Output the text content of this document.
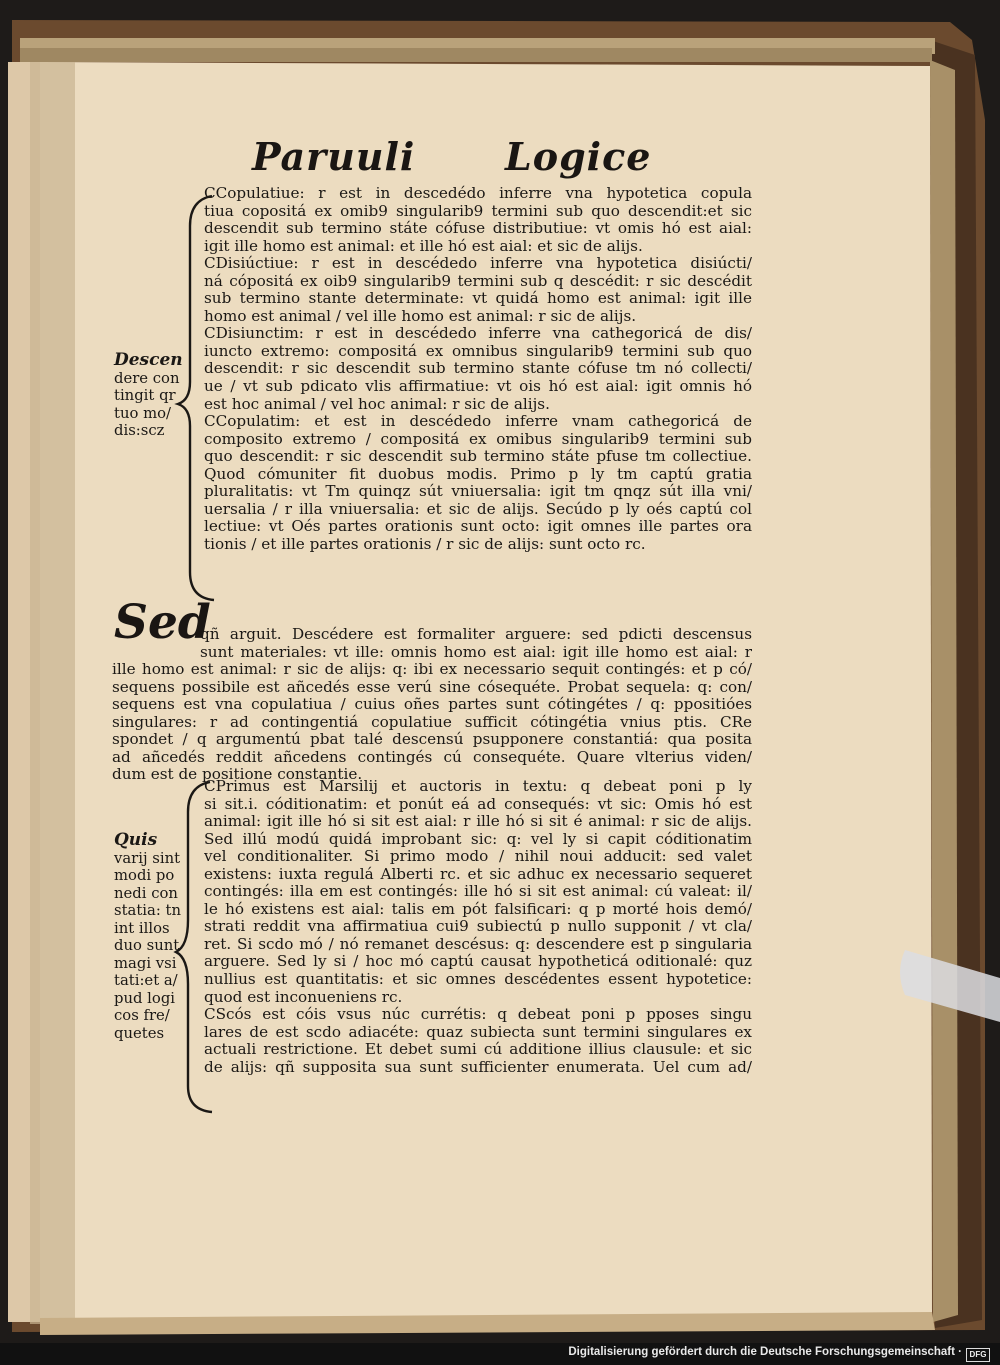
Paruuli Logice
CCopulatiue: r est in descedédo inferre vna hypotetica copula
tiua copositá ex omib9 singularib9 termini sub quo descendit:et sic
descendit sub termino státe cófuse distributiue: vt omis hó est aial:
igit ille homo est animal: et ille hó est aial: et sic de alijs.
CDisiúctiue: r est in descédedo inferre vna hypotetica disiúcti/
ná cópositá ex oib9 singularib9 termini sub q descédit: r sic descédit
sub termino stante determinate: vt quidá homo est animal: igit ille
homo est animal / vel ille homo est animal: r sic de alijs.
CDisiunctim: r est in descédedo inferre vna cathegoricá de dis/
iuncto extremo: compositá ex omnibus singularib9 termini sub quo
descendit: r sic descendit sub termino stante cófuse tm nó collecti/
ue / vt sub pdicato vlis affirmatiue: vt ois hó est aial: igit omnis hó
est hoc animal / vel hoc animal: r sic de alijs.
CCopulatim: et est in descédedo inferre vnam cathegoricá de
composito extremo / compositá ex omibus singularib9 termini sub
quo descendit: r sic descendit sub termino státe pfuse tm collectiue.
Quod cómuniter fit duobus modis. Primo p ly tm captú gratia
pluralitatis: vt Tm quinqz sút vniuersalia: igit tm qnqz sút illa vni/
uersalia / r illa vniuersalia: et sic de alijs. Secúdo p ly oés captú col
lectiue: vt Oés partes orationis sunt octo: igit omnes ille partes ora
tionis / et ille partes orationis / r sic de alijs: sunt octo rc.
Sed
qñ arguit. Descédere est formaliter arguere: sed pdicti descensus
sunt materiales: vt ille: omnis homo est aial: igit ille homo est aial: r
ille homo est animal: r sic de alijs: q: ibi ex necessario sequit contingés: et p có/
sequens possibile est añcedés esse verú sine cósequéte. Probat sequela: q: con/
sequens est vna copulatiua / cuius oñes partes sunt cótingétes / q: ppositióes
singulares: r ad contingentiá copulatiue sufficit cótingétia vnius ptis. CRe
spondet / q argumentú pbat talé descensú psupponere constantiá: qua posita
ad añcedés reddit añcedens contingés cú consequéte. Quare vlterius viden/
dum est de positione constantie.
CPrimus est Marsilij et auctoris in textu: q debeat poni p ly
si sit.i. códitionatim: et ponút eá ad consequés: vt sic: Omis hó est
animal: igit ille hó si sit est aial: r ille hó si sit é animal: r sic de alijs.
Sed illú modú quidá improbant sic: q: vel ly si capit códitionatim
vel conditionaliter. Si primo modo / nihil noui adducit: sed valet
existens: iuxta regulá Alberti rc. et sic adhuc ex necessario sequeret
contingés: illa em est contingés: ille hó si sit est animal: cú valeat: il/
le hó existens est aial: talis em pót falsificari: q p morté hois demó/
strati reddit vna affirmatiua cui9 subiectú p nullo supponit / vt cla/
ret. Si scdo mó / nó remanet descésus: q: descendere est p singularia
arguere. Sed ly si / hoc mó captú causat hypotheticá oditionalé: quz
nullius est quantitatis: et sic omnes descédentes essent hypotetice:
quod est inconueniens rc.
CScós est cóis vsus núc currétis: q debeat poni p pposes singu
lares de est scdo adiacéte: quaz subiecta sunt termini singulares ex
actuali restrictione. Et debet sumi cú additione illius clausule: et sic
de alijs: qñ supposita sua sunt sufficienter enumerata. Uel cum ad/
Descen
dere con
tingit qr
tuo mo/
dis:scz
Quis
varij sint
modi po
nedi con
statia: tn
int illos
duo sunt
magi vsi
tati:et a/
pud logi
cos fre/
quetes
Digitalisierung gefördert durch die Deutsche Forschungsgemeinschaft · DFG
